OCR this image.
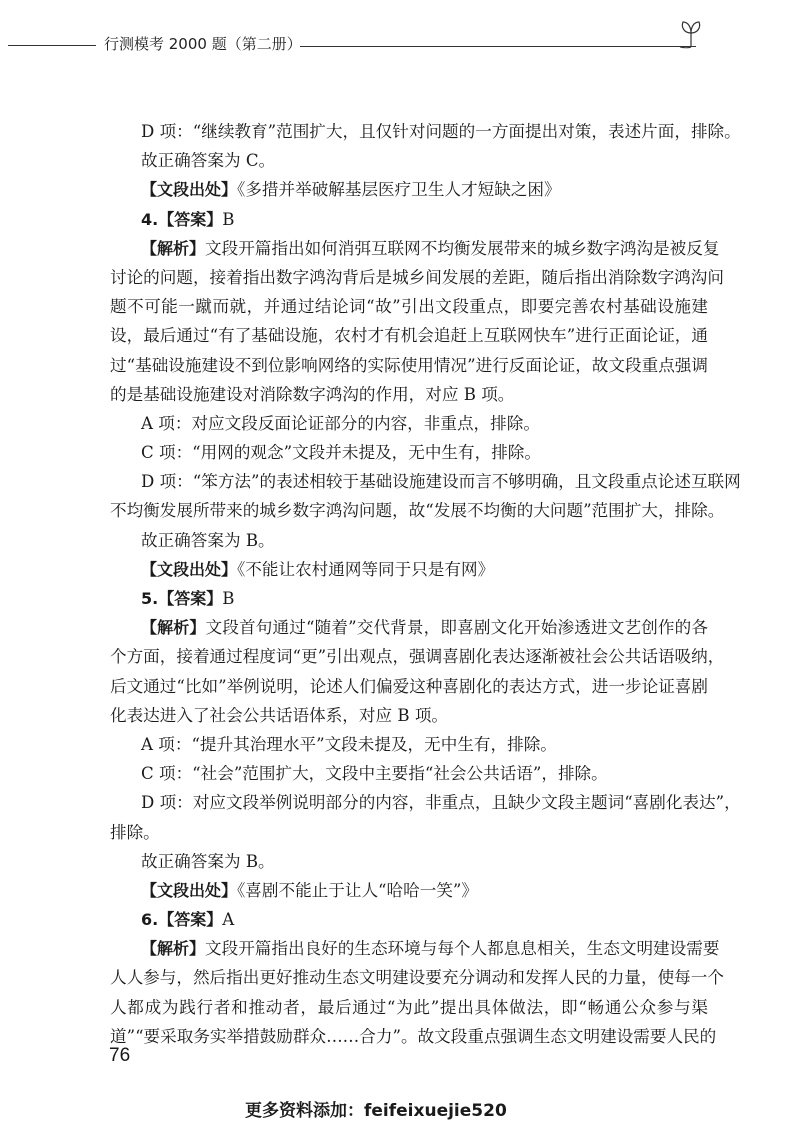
行测模考 2000 题（第二册）
D 项：“继续教育”范围扩大，且仅针对问题的一方面提出对策，表述片面，排除。
故正确答案为 C。
【文段出处】《多措并举破解基层医疗卫生人才短缺之困》
4.【答案】B
【解析】文段开篇指出如何消弭互联网不均衡发展带来的城乡数字鸿沟是被反复
讨论的问题，接着指出数字鸿沟背后是城乡间发展的差距，随后指出消除数字鸿沟问
题不可能一蹴而就，并通过结论词“故”引出文段重点，即要完善农村基础设施建
设，最后通过“有了基础设施，农村才有机会追赶上互联网快车”进行正面论证，通
过“基础设施建设不到位影响网络的实际使用情况”进行反面论证，故文段重点强调
的是基础设施建设对消除数字鸿沟的作用，对应 B 项。
A 项：对应文段反面论证部分的内容，非重点，排除。
C 项：“用网的观念”文段并未提及，无中生有，排除。
D 项：“笨方法”的表述相较于基础设施建设而言不够明确，且文段重点论述互联网
不均衡发展所带来的城乡数字鸿沟问题，故“发展不均衡的大问题”范围扩大，排除。
故正确答案为 B。
【文段出处】《不能让农村通网等同于只是有网》
5.【答案】B
【解析】文段首句通过“随着”交代背景，即喜剧文化开始渗透进文艺创作的各
个方面，接着通过程度词“更”引出观点，强调喜剧化表达逐渐被社会公共话语吸纳，
后文通过“比如”举例说明，论述人们偏爱这种喜剧化的表达方式，进一步论证喜剧
化表达进入了社会公共话语体系，对应 B 项。
A 项：“提升其治理水平”文段未提及，无中生有，排除。
C 项：“社会”范围扩大，文段中主要指“社会公共话语”，排除。
D 项：对应文段举例说明部分的内容，非重点，且缺少文段主题词“喜剧化表达”，
排除。
故正确答案为 B。
【文段出处】《喜剧不能止于让人“哈哈一笑”》
6.【答案】A
【解析】文段开篇指出良好的生态环境与每个人都息息相关，生态文明建设需要
人人参与，然后指出更好推动生态文明建设要充分调动和发挥人民的力量，使每一个
人都成为践行者和推动者，最后通过“为此”提出具体做法，即“畅通公众参与渠
道”“要采取务实举措鼓励群众……合力”。故文段重点强调生态文明建设需要人民的
76
更多资料添加：feifeixuejie520
